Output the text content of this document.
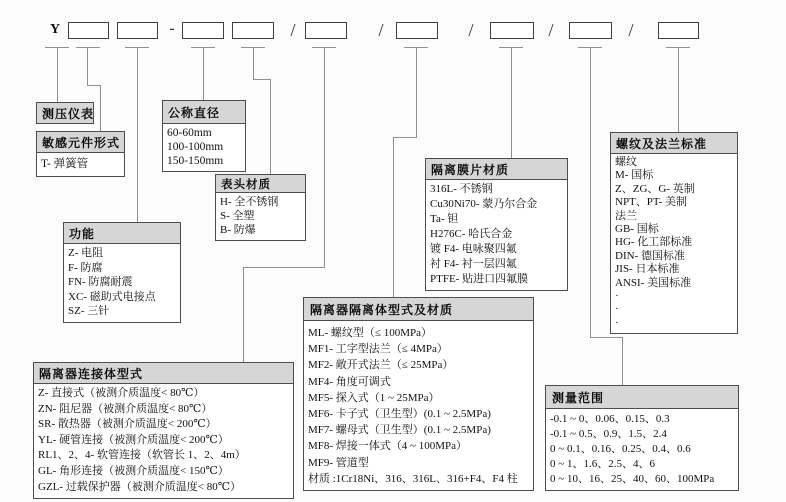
Y	-	/	/	/	/	/
测压仪表
敏感元件形式
T- 弹簧管
公称直径
60-60mm
100-100mm
150-150mm
功能
Z- 电阻
F- 防腐
FN- 防腐耐震
XC- 磁助式电接点
SZ- 三针
表头材质
H- 全不锈钢
S- 全塑
B- 防爆
隔离膜片材质
316L- 不锈钢
Cu30Ni70- 蒙乃尔合金
Ta- 钽
H276C- 哈氏合金
镀 F4- 电咏聚四氟
衬 F4- 衬一层四氟
PTFE- 贴进口四氟膜
螺纹及法兰标准
螺纹
M- 国标
Z、ZG、G- 英制
NPT、PT- 美制
法兰
GB- 国标
HG- 化工部标准
DIN- 德国标准
JIS- 日本标准
ANSI- 美国标准
·
·
·
隔离器连接体型式
Z- 直接式（被测介质温度< 80℃）
ZN- 阻尼器（被测介质温度< 80℃）
SR- 散热器（被测介质温度< 200℃）
YL- 硬管连接（被测介质温度< 200℃）
RL1、2、4- 软管连接（软管长 1、2、4m）
GL- 角形连接（被测介质温度< 150℃）
GZL- 过载保护器（被测介质温度< 80℃）
隔离器隔离体型式及材质
ML- 螺纹型（≤ 100MPa）
MF1- 工字型法兰（≤ 4MPa）
MF2- 敞开式法兰（≤ 25MPa）
MF4- 角度可调式
MF5- 探入式（1 ~ 25MPa）
MF6- 卡子式（卫生型）(0.1 ~ 2.5MPa)
MF7- 螺母式（卫生型）(0.1 ~ 2.5MPa)
MF8- 焊接一体式（4 ~ 100MPa）
MF9- 管道型
材质 :1Cr18Ni、316、316L、316+F4、F4 柱
测量范围
-0.1 ~ 0、0.06、0.15、0.3
-0.1 ~ 0.5、0.9、1.5、2.4
0 ~ 0.1、0.16、0.25、0.4、0.6
0 ~ 1、1.6、2.5、4、6
0 ~ 10、16、25、40、60、100MPa
